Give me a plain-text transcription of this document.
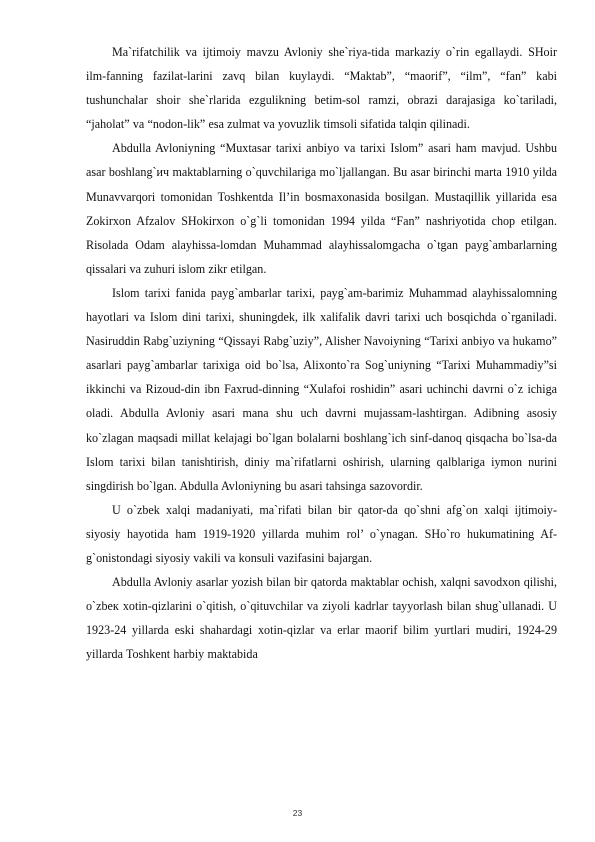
Ma`rifatchilik va ijtimoiy mavzu Avloniy she`riya-tida markaziy o`rin egallaydi. SHoir ilm-fanning fazilat-larini zavq bilan kuylaydi. “Maktab”, “maorif”, “ilm”, “fan” kabi tushunchalar shoir she`rlarida ezgulikning betim-sol ramzi, obrazi darajasiga ko`tariladi, “jaholat” va “nodon-lik” esa zulmat va yovuzlik timsoli sifatida talqin qilinadi.

Abdulla Avloniyning “Muxtasar tarixi anbiyo va tarixi Islom” asari ham mavjud. Ushbu asar boshlang`ич maktablarning o`quvchilariga mo`ljallangan. Bu asar birinchi marta 1910 yilda Munavvarqori tomonidan Toshkentda Il’in bosmaxonasida bosilgan. Mustaqillik yillarida esa Zokirxon Afzalov SHokirxon o`g`li tomonidan 1994 yilda “Fan” nashriyotida chop etilgan. Risolada Odam alayhissa-lomdan Muhammad alayhissalomgacha o`tgan payg`ambarlarning qissalari va zuhuri islom zikr etilgan.

Islom tarixi fanida payg`ambarlar tarixi, payg`am-barimiz Muhammad alayhissalomning hayotlari va Islom dini tarixi, shuningdek, ilk xalifalik davri tarixi uch bosqichda o`rganiladi. Nasiruddin Rabg`uziyning “Qissayi Rabg`uziy”, Alisher Navoiyning “Tarixi anbiyo va hukamo” asarlari payg`ambarlar tarixiga oid bo`lsa, Alixonto`ra Sog`uniyning “Tarixi Muhammadiy”si ikkinchi va Rizoud-din ibn Faxrud-dinning “Xulafoi roshidin” asari uchinchi davrni o`z ichiga oladi. Abdulla Avloniy asari mana shu uch davrni mujassam-lashtirgan. Adibning asosiy ko`zlagan maqsadi millat kelajagi bo`lgan bolalarni boshlang`ich sinf-danoq qisqacha bo`lsa-da Islom tarixi bilan tanishtirish, diniy ma`rifatlarni oshirish, ularning qalblariga iymon nurini singdirish bo`lgan. Abdulla Avloniyning bu asari tahsinga sazovordir.

U o`zbek xalqi madaniyati, ma`rifati bilan bir qator-da qo`shni afg`on xalqi ijtimoiy-siyosiy hayotida ham 1919-1920 yillarda muhim rol’ o`ynagan. SHo`ro hukumatining Af-g`onistondagi siyosiy vakili va konsuli vazifasini bajargan.

Abdulla Avloniy asarlar yozish bilan bir qatorda maktablar ochish, xalqni savodxon qilishi, o`zbeк xotin-qizlarini o`qitish, o`qituvchilar va ziyoli kadrlar tayyorlash bilan shug`ullanadi. U 1923-24 yillarda eski shahardagi xotin-qizlar va erlar maorif bilim yurtlari mudiri, 1924-29 yillarda Toshkent harbiy maktabida

23
